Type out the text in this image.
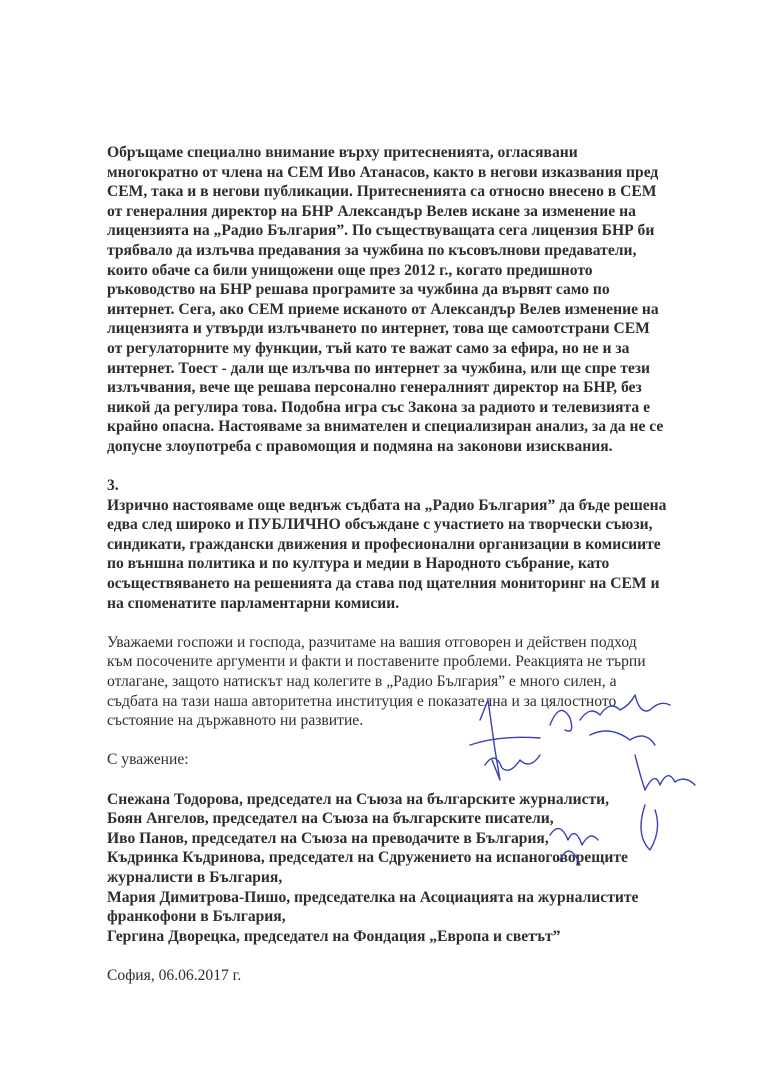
Обръщаме специално внимание върху притесненията, огласявани
многократно от члена на СЕМ Иво Атанасов, както в негови изказвания пред
СЕМ, така и в негови публикации. Притесненията са относно внесено в СЕМ
от генералния директор на БНР Александър Велев искане за изменение на
лицензията на „Радио България”. По съществуващата сега лицензия БНР би
трябвало да излъчва предавания за чужбина по късовълнови предаватели,
които обаче са били унищожени още през 2012 г., когато предишното
ръководство на БНР решава програмите за чужбина да вървят само по
интернет. Сега, ако СЕМ приеме исканото от Александър Велев изменение на
лицензията и утвърди излъчването по интернет, това ще самоотстрани СЕМ
от регулаторните му функции, тъй като те важат само за ефира, но не и за
интернет. Тоест - дали ще излъчва по интернет за чужбина, или ще спре тези
излъчвания, вече ще решава персонално генералният директор на БНР, без
никой да регулира това. Подобна игра със Закона за радиото и телевизията е
крайно опасна. Настояваме за внимателен и специализиран анализ, за да не се
допусне злоупотреба с правомощия и подмяна на законови изисквания.
3.
Изрично настояваме още веднъж съдбата на „Радио България” да бъде решена
едва след широко и ПУБЛИЧНО обсъждане с участието на творчески съюзи,
синдикати, граждански движения и професионални организации в комисиите
по външна политика и по култура и медии в Народното събрание, като
осъществяването на решенията да става под щателния мониторинг на СЕМ и
на споменатите парламентарни комисии.
Уважаеми госпожи и господа, разчитаме на вашия отговорен и действен подход
към посочените аргументи и факти и поставените проблеми. Реакцията не търпи
отлагане, защото натискът над колегите в „Радио България” е много силен, а
съдбата на тази наша авторитетна институция е показателна и за цялостното
състояние на държавното ни развитие.
С уважение:
Снежана Тодорова, председател на Съюза на българските журналисти,
Боян Ангелов, председател на Съюза на българските писатели,
Иво Панов, председател на Съюза на преводачите в България,
Къдринка Къдринова, председател на Сдружението на испаноговорещите
журналисти в България,
Мария Димитрова-Пишо, председателка на Асоциацията на журналистите
франкофони в България,
Гергина Дворецка, председател на Фондация „Европа и светът”
София, 06.06.2017 г.
